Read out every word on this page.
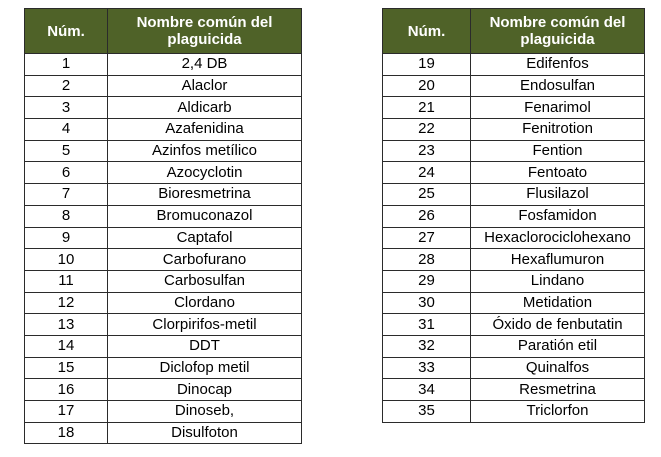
Núm.	Nombre común del plaguicida
1	2,4 DB
2	Alaclor
3	Aldicarb
4	Azafenidina
5	Azinfos metílico
6	Azocyclotin
7	Bioresmetrina
8	Bromuconazol
9	Captafol
10	Carbofurano
11	Carbosulfan
12	Clordano
13	Clorpirifos-metil
14	DDT
15	Diclofop metil
16	Dinocap
17	Dinoseb,
18	Disulfoton
Núm.	Nombre común del plaguicida
19	Edifenfos
20	Endosulfan
21	Fenarimol
22	Fenitrotion
23	Fention
24	Fentoato
25	Flusilazol
26	Fosfamidon
27	Hexaclorociclohexano
28	Hexaflumuron
29	Lindano
30	Metidation
31	Óxido de fenbutatin
32	Paratión etil
33	Quinalfos
34	Resmetrina
35	Triclorfon
